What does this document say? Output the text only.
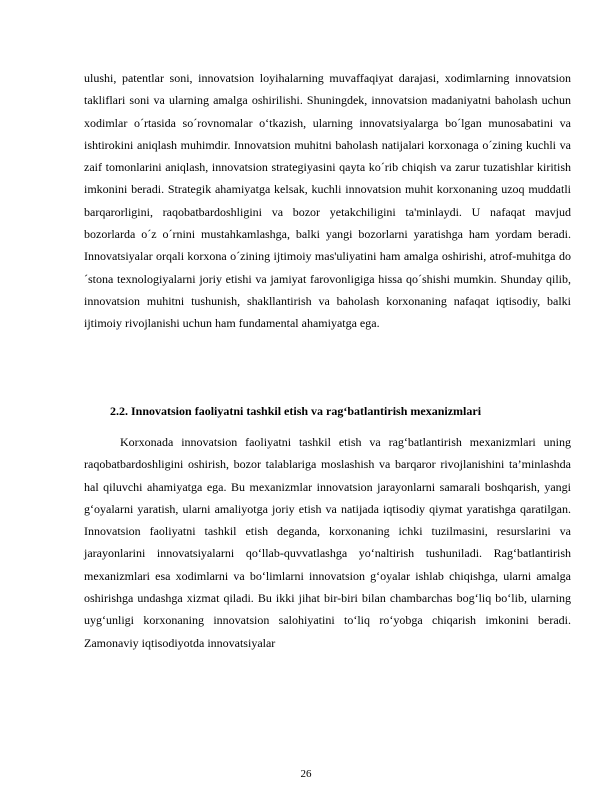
ulushi, patentlar soni, innovatsion loyihalarning muvaffaqiyat darajasi, xodimlarning innovatsion takliflari soni va ularning amalga oshirilishi. Shuningdek, innovatsion madaniyatni baholash uchun xodimlar o´rtasida so´rovnomalar o‘tkazish, ularning innovatsiyalarga bo´lgan munosabatini va ishtirokini aniqlash muhimdir. Innovatsion muhitni baholash natijalari korxonaga o´zining kuchli va zaif tomonlarini aniqlash, innovatsion strategiyasini qayta ko´rib chiqish va zarur tuzatishlar kiritish imkonini beradi. Strategik ahamiyatga kelsak, kuchli innovatsion muhit korxonaning uzoq muddatli barqarorligini, raqobatbardoshligini va bozor yetakchiligini ta'minlaydi. U nafaqat mavjud bozorlarda o´z o´rnini mustahkamlashga, balki yangi bozorlarni yaratishga ham yordam beradi. Innovatsiyalar orqali korxona o´zining ijtimoiy mas'uliyatini ham amalga oshirishi, atrof-muhitga do´stona texnologiyalarni joriy etishi va jamiyat farovonligiga hissa qo´shishi mumkin. Shunday qilib, innovatsion muhitni tushunish, shakllantirish va baholash korxonaning nafaqat iqtisodiy, balki ijtimoiy rivojlanishi uchun ham fundamental ahamiyatga ega.

2.2. Innovatsion faoliyatni tashkil etish va rag‘batlantirish mexanizmlari

Korxonada innovatsion faoliyatni tashkil etish va rag‘batlantirish mexanizmlari uning raqobatbardoshligini oshirish, bozor talablariga moslashish va barqaror rivojlanishini ta’minlashda hal qiluvchi ahamiyatga ega. Bu mexanizmlar innovatsion jarayonlarni samarali boshqarish, yangi g‘oyalarni yaratish, ularni amaliyotga joriy etish va natijada iqtisodiy qiymat yaratishga qaratilgan. Innovatsion faoliyatni tashkil etish deganda, korxonaning ichki tuzilmasini, resurslarini va jarayonlarini innovatsiyalarni qo‘llab-quvvatlashga yo‘naltirish tushuniladi. Rag‘batlantirish mexanizmlari esa xodimlarni va bo‘limlarni innovatsion g‘oyalar ishlab chiqishga, ularni amalga oshirishga undashga xizmat qiladi. Bu ikki jihat bir-biri bilan chambarchas bog‘liq bo‘lib, ularning uyg‘unligi korxonaning innovatsion salohiyatini to‘liq ro‘yobga chiqarish imkonini beradi. Zamonaviy iqtisodiyotda innovatsiyalar

26
